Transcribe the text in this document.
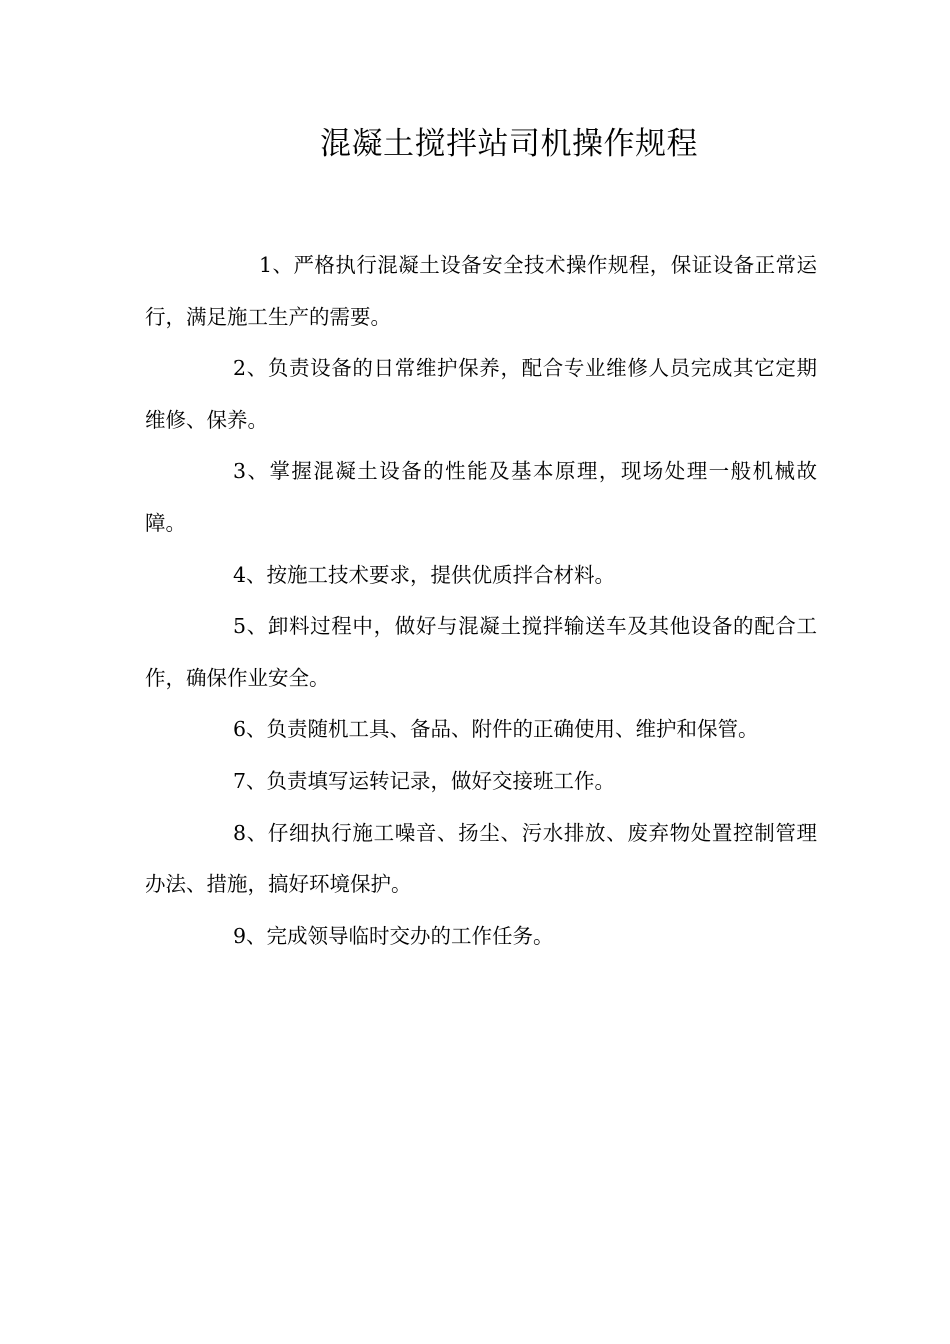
混凝土搅拌站司机操作规程

1、严格执行混凝土设备安全技术操作规程，保证设备正常运行，满足施工生产的需要。

2、负责设备的日常维护保养，配合专业维修人员完成其它定期维修、保养。

3、掌握混凝土设备的性能及基本原理，现场处理一般机械故障。

4、按施工技术要求，提供优质拌合材料。

5、卸料过程中，做好与混凝土搅拌输送车及其他设备的配合工作，确保作业安全。

6、负责随机工具、备品、附件的正确使用、维护和保管。

7、负责填写运转记录，做好交接班工作。

8、仔细执行施工噪音、扬尘、污水排放、废弃物处置控制管理办法、措施，搞好环境保护。

9、完成领导临时交办的工作任务。
